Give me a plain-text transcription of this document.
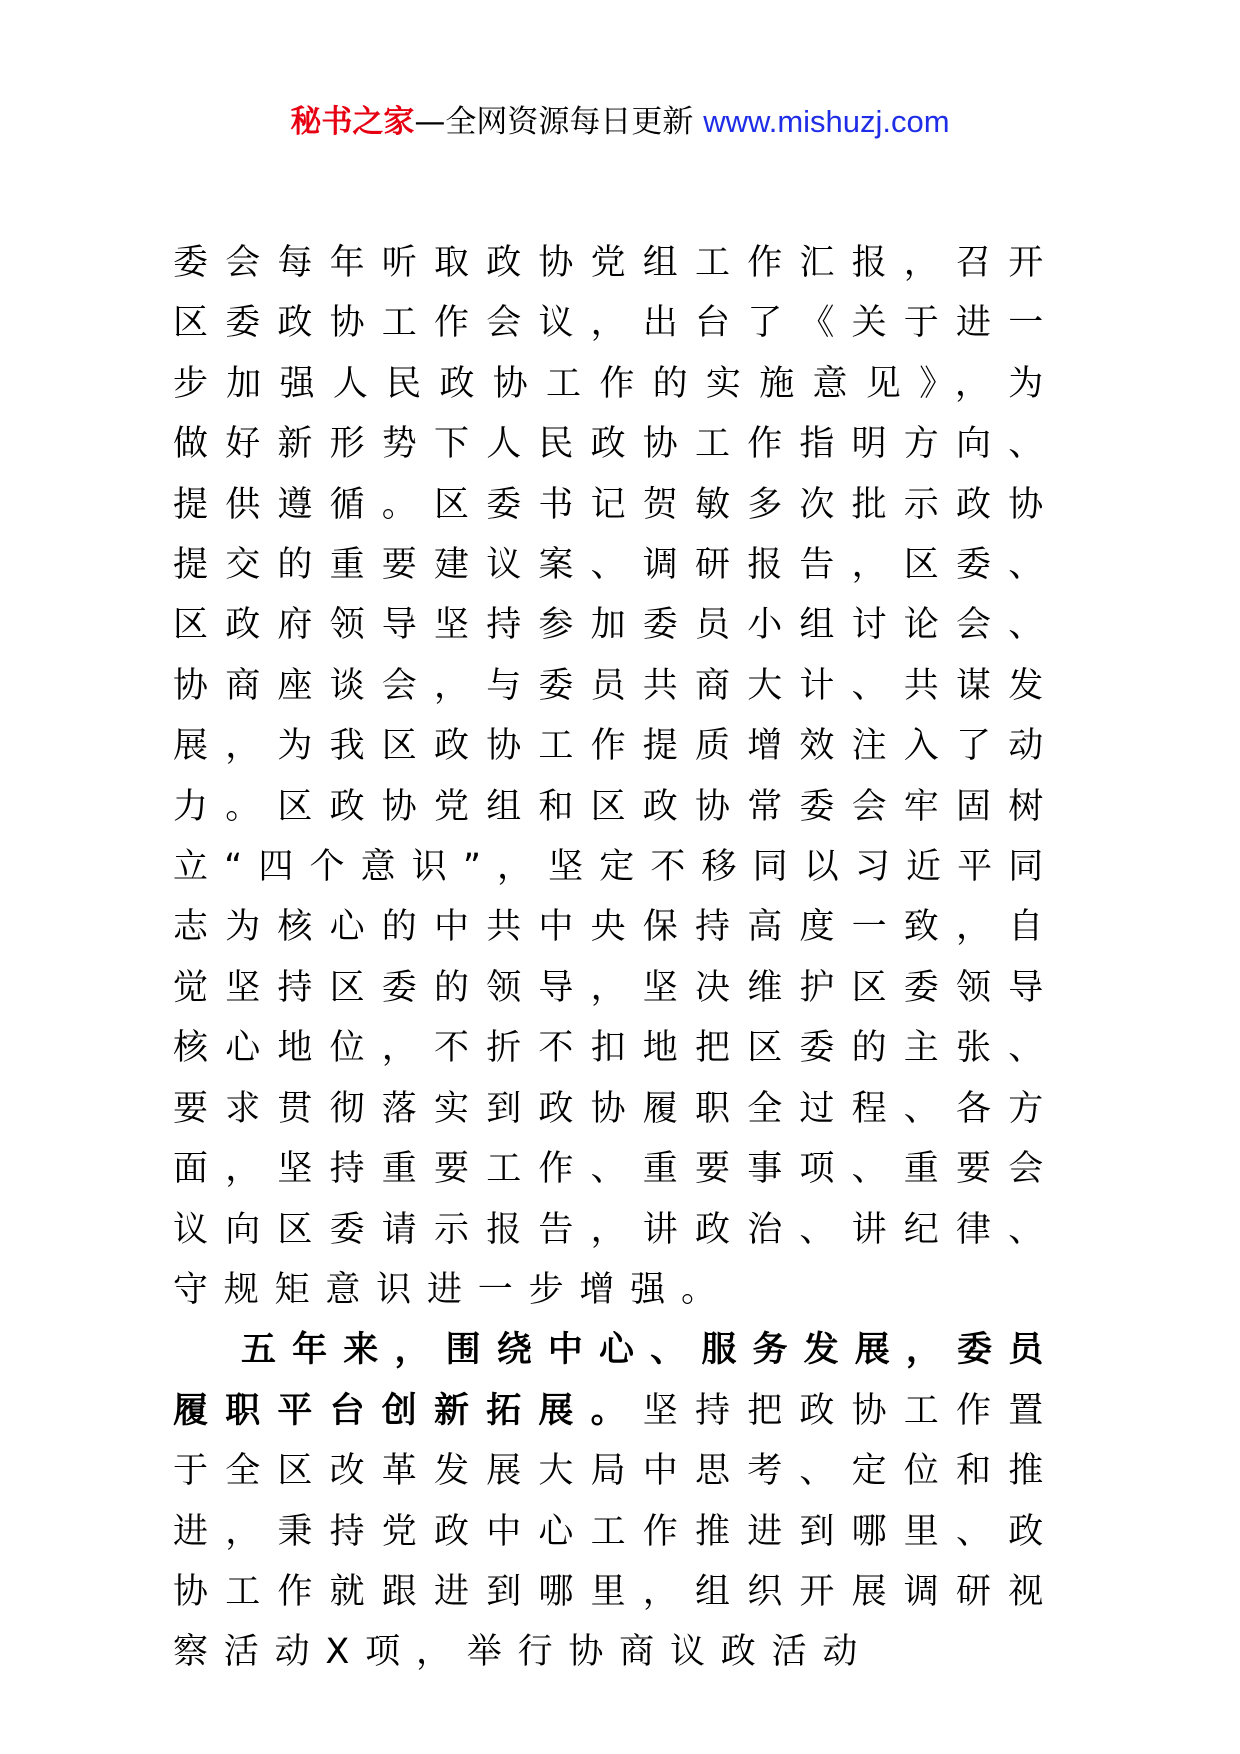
秘书之家—全网资源每日更新 www.mishuzj.com

委会每年听取政协党组工作汇报，召开区委政协工作会议，出台了《关于进一步加强人民政协工作的实施意见》，为做好新形势下人民政协工作指明方向、提供遵循。区委书记贺敏多次批示政协提交的重要建议案、调研报告，区委、区政府领导坚持参加委员小组讨论会、协商座谈会，与委员共商大计、共谋发展，为我区政协工作提质增效注入了动力。区政协党组和区政协常委会牢固树立“四个意识”，坚定不移同以习近平同志为核心的中共中央保持高度一致，自觉坚持区委的领导，坚决维护区委领导核心地位，不折不扣地把区委的主张、要求贯彻落实到政协履职全过程、各方面，坚持重要工作、重要事项、重要会议向区委请示报告，讲政治、讲纪律、守规矩意识进一步增强。

五年来，围绕中心、服务发展，委员履职平台创新拓展。坚持把政协工作置于全区改革发展大局中思考、定位和推进，秉持党政中心工作推进到哪里、政协工作就跟进到哪里，组织开展调研视察活动X项，举行协商议政活动
